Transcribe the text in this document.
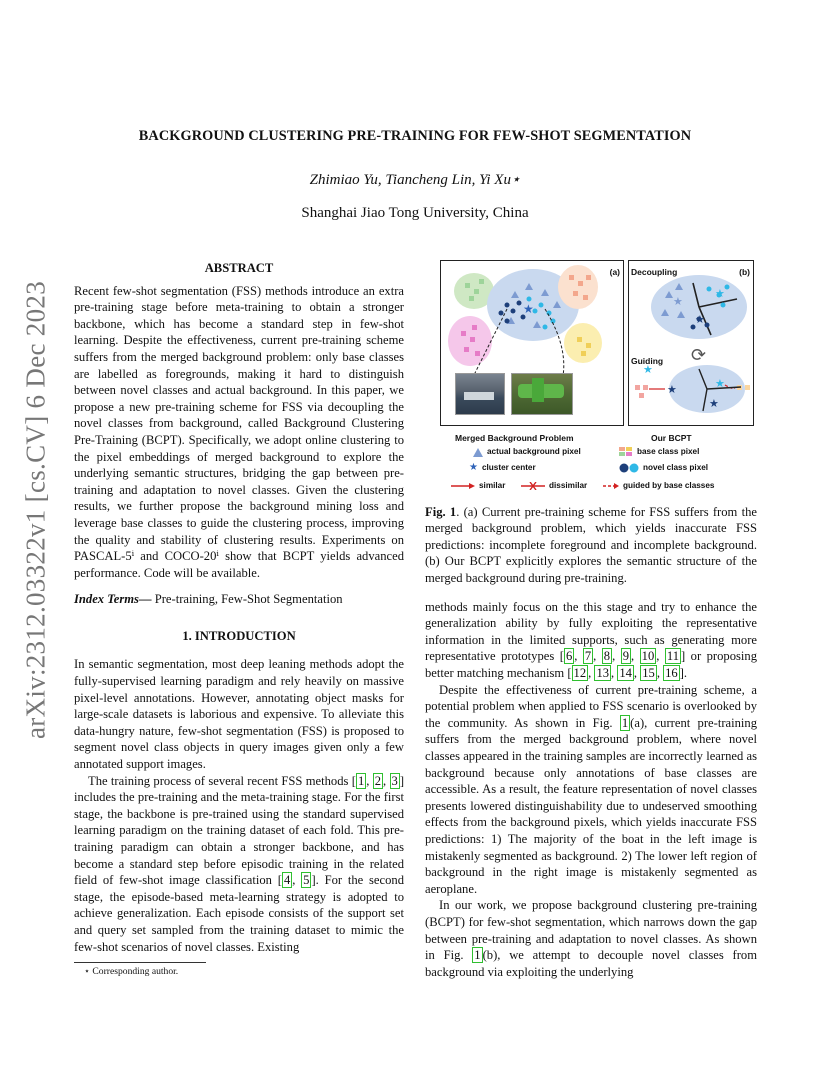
arXiv:2312.03322v1 [cs.CV] 6 Dec 2023
BACKGROUND CLUSTERING PRE-TRAINING FOR FEW-SHOT SEGMENTATION
Zhimiao Yu, Tiancheng Lin, Yi Xu⋆
Shanghai Jiao Tong University, China
ABSTRACT

Recent few-shot segmentation (FSS) methods introduce an extra pre-training stage before meta-training to obtain a stronger backbone, which has become a standard step in few-shot learning. Despite the effectiveness, current pre-training scheme suffers from the merged background problem: only base classes are labelled as foregrounds, making it hard to distinguish between novel classes and actual background. In this paper, we propose a new pre-training scheme for FSS via decoupling the novel classes from background, called Background Clustering Pre-Training (BCPT). Specifically, we adopt online clustering to the pixel embeddings of merged background to explore the underlying semantic structures, bridging the gap between pre-training and adaptation to novel classes. Given the clustering results, we further propose the background mining loss and leverage base classes to guide the clustering process, improving the quality and stability of clustering results. Experiments on PASCAL-5ⁱ and COCO-20ⁱ show that BCPT yields advanced performance. Code will be available.

Index Terms— Pre-training, Few-Shot Segmentation

1. INTRODUCTION

In semantic segmentation, most deep leaning methods adopt the fully-supervised learning paradigm and rely heavily on massive pixel-level annotations. However, annotating object masks for large-scale datasets is laborious and expensive. To alleviate this data-hungry nature, few-shot segmentation (FSS) is proposed to segment novel class objects in query images given only a few annotated support images.

The training process of several recent FSS methods [ 1 , 2 , 3 ] includes the pre-training and the meta-training stage. For the first stage, the backbone is pre-trained using the standard supervised learning paradigm on the training dataset of each fold. This pre-training paradigm can obtain a stronger backbone, and has become a standard step before episodic training in the related field of few-shot image classification [ 4 , 5 ]. For the second stage, the episode-based meta-learning strategy is adopted to achieve generalization. Each episode consists of the support set and query set sampled from the training dataset to mimic the few-shot scenarios of novel classes. Existing

⋆ Corresponding author.
(a)
★
Decoupling	(b)
Guiding
★
★
★
⟳
★
★	★
★
Merged Background Problem	Our BCPT
actual background pixel
★ cluster center
similar	dissimilar
base class pixel
novel class pixel
guided by base classes

Fig. 1. (a) Current pre-training scheme for FSS suffers from the merged background problem, which yields inaccurate FSS predictions: incomplete foreground and incomplete background. (b) Our BCPT explicitly explores the semantic structure of the merged background during pre-training.

methods mainly focus on the this stage and try to enhance the generalization ability by fully exploiting the representative information in the limited supports, such as generating more representative prototypes [ 6 , 7 , 8 , 9 , 10 , 11 ] or proposing better matching mechanism [ 12 , 13 , 14 , 15 , 16 ].

Despite the effectiveness of current pre-training scheme, a potential problem when applied to FSS scenario is overlooked by the community. As shown in Fig. 1 (a), current pre-training suffers from the merged background problem, where novel classes appeared in the training samples are incorrectly learned as background because only annotations of base classes are accessible. As a result, the feature representation of novel classes presents lowered distinguishability due to undeserved smoothing effects from the background pixels, which yields inaccurate FSS predictions: 1) The majority of the boat in the left image is mistakenly segmented as background. 2) The lower left region of background in the right image is mistakenly segmented as aeroplane.

In our work, we propose background clustering pre-training (BCPT) for few-shot segmentation, which narrows down the gap between pre-training and adaptation to novel classes. As shown in Fig. 1 (b), we attempt to decouple novel classes from background via exploiting the underlying
